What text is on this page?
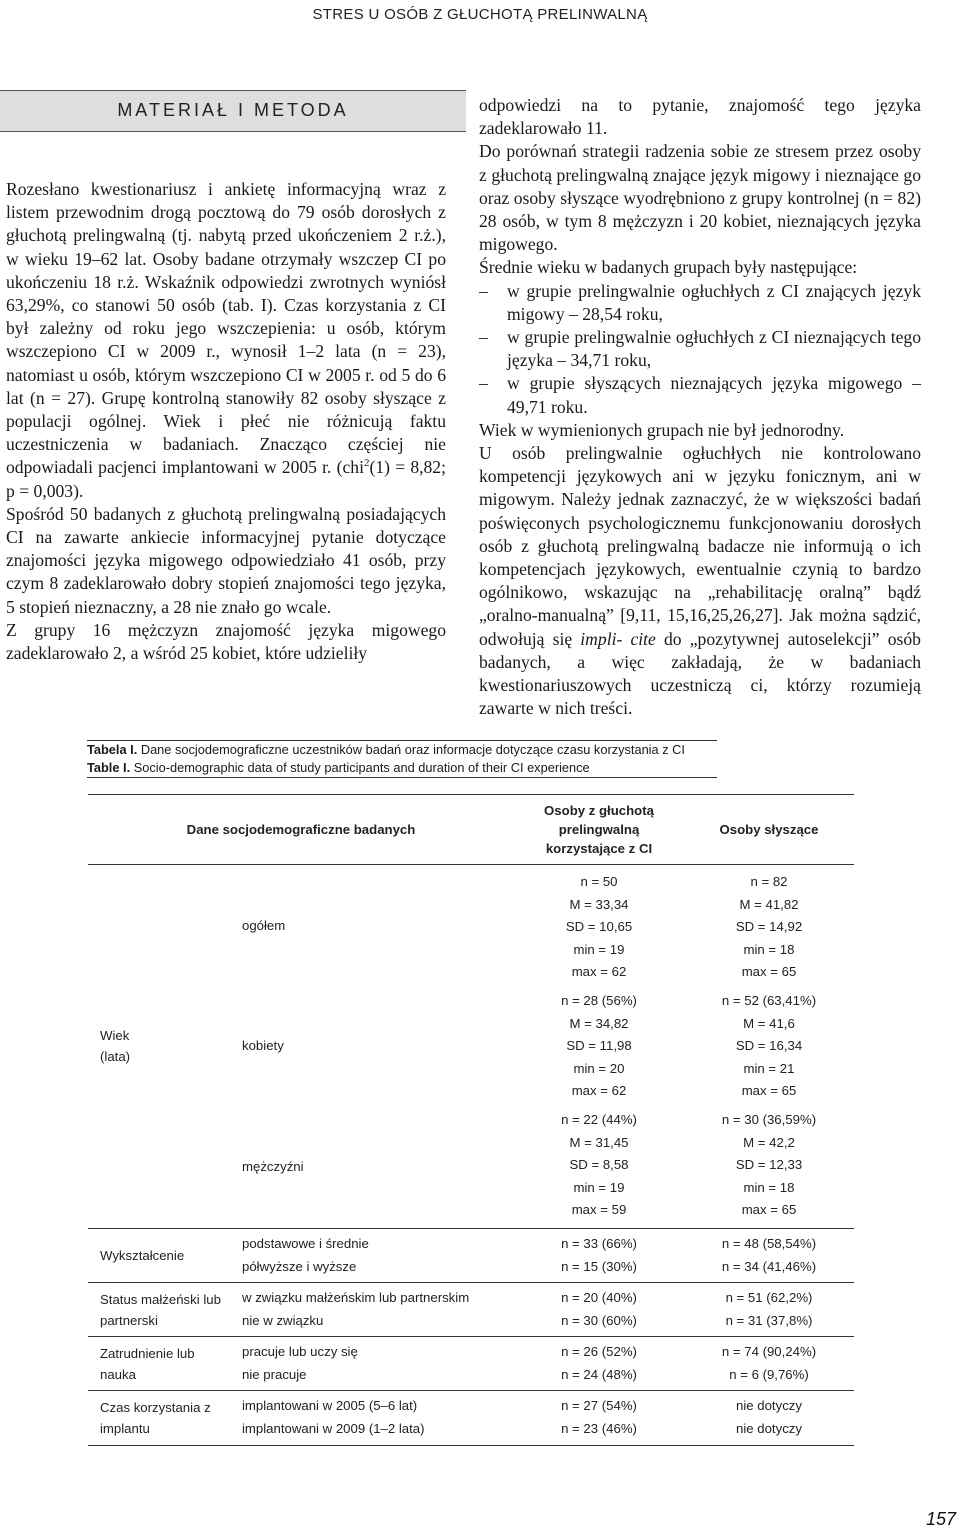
STRES U OSÓB Z GŁUCHOTĄ PRELINWALNĄ
MATERIAŁ I METODA

Rozesłano kwestionariusz i ankietę informacyjną wraz z listem przewodnim drogą pocztową do 79 osób dorosłych z głuchotą prelingwalną (tj. nabytą przed ukończeniem 2 r.ż.), w wieku 19–62 lat. Osoby badane otrzymały wszczep CI po ukończeniu 18 r.ż. Wskaźnik odpowiedzi zwrotnych wyniósł 63,29%, co stanowi 50 osób (tab. I). Czas korzystania z CI był zależny od roku jego wszczepienia: u osób, którym wszczepiono CI w 2009 r., wynosił 1–2 lata (n = 23), natomiast u osób, którym wszczepiono CI w 2005 r. od 5 do 6 lat (n = 27). Grupę kontrolną stanowiły 82 osoby słyszące z populacji ogólnej. Wiek i płeć nie różnicują faktu uczestniczenia w badaniach. Znacząco częściej nie odpowiadali pacjenci implantowani w 2005 r. (chi$^2$(1) = 8,82; p = 0,003).

Spośród 50 badanych z głuchotą prelingwalną posiadających CI na zawarte ankiecie informacyjnej pytanie dotyczące znajomości języka migowego odpowiedziało 41 osób, przy czym 8 zadeklarowało dobry stopień znajomości tego języka, 5 stopień nieznaczny, a 28 nie znało go wcale.

Z grupy 16 mężczyzn znajomość języka migowego zadeklarowało 2, a wśród 25 kobiet, które udzieliły

odpowiedzi na to pytanie, znajomość tego języka zadeklarowało 11.

Do porównań strategii radzenia sobie ze stresem przez osoby z głuchotą prelingwalną znające język migowy i nieznające go oraz osoby słyszące wyodrębniono z grupy kontrolnej (n = 82) 28 osób, w tym 8 mężczyzn i 20 kobiet, nieznających języka migowego.

Średnie wieku w badanych grupach były następujące:

– w grupie prelingwalnie ogłuchłych z CI znających język migowy – 28,54 roku,
– w grupie prelingwalnie ogłuchłych z CI nieznających tego języka – 34,71 roku,
– w grupie słyszących nieznających języka migowego – 49,71 roku.

Wiek w wymienionych grupach nie był jednorodny.

U osób prelingwalnie ogłuchłych nie kontrolowano kompetencji językowych ani w języku fonicznym, ani w migowym. Należy jednak zaznaczyć, że w większości badań poświęconych psychologicznemu funkcjonowaniu dorosłych osób z głuchotą prelingwalną badacze nie informują o ich kompetencjach językowych, ewentualnie czynią to bardzo ogólnikowo, wskazując na „rehabilitację oralną” bądź „oralno-manualną” [9,11, 15,16,25,26,27]. Jak można sądzić, odwołują się impli- cite do „pozytywnej autoselekcji” osób badanych, a więc zakładają, że w badaniach kwestionariuszowych uczestniczą ci, którzy rozumieją zawarte w nich treści.

Tabela I. Dane socjodemograficzne uczestników badań oraz informacje dotyczące czasu korzystania z CI
Table I. Socio-demographic data of study participants and duration of their CI experience
Dane socjodemograficzne badanych		Osoby z głuchotą prelingwalną korzystające z CI	Osoby słyszące

Wiek
(lata)	ogółem	n = 50
M = 33,34
SD = 10,65
min = 19
max = 62	n = 82
M = 41,82
SD = 14,92
min = 18
max = 65

	kobiety	n = 28 (56%)
M = 34,82
SD = 11,98
min = 20
max = 62	n = 52 (63,41%)
M = 41,6
SD = 16,34
min = 21
max = 65

	mężczyźni	n = 22 (44%)
M = 31,45
SD = 8,58
min = 19
max = 59	n = 30 (36,59%)
M = 42,2
SD = 12,33
min = 18
max = 65

Wykształcenie	podstawowe i średnie	n = 33 (66%)	n = 48 (58,54%)
	półwyższe i wyższe	n = 15 (30%)	n = 34 (41,46%)
Status małżeński lub partnerski	w związku małżeńskim lub partnerskim	n = 20 (40%)	n = 51 (62,2%)
	nie w związku	n = 30 (60%)	n = 31 (37,8%)
Zatrudnienie lub nauka	pracuje lub uczy się	n = 26 (52%)	n = 74 (90,24%)
	nie pracuje	n = 24 (48%)	n = 6 (9,76%)
Czas korzystania z implantu	implantowani w 2005 (5–6 lat)	n = 27 (54%)	nie dotyczy
	implantowani w 2009 (1–2 lata)	n = 23 (46%)	nie dotyczy
157
